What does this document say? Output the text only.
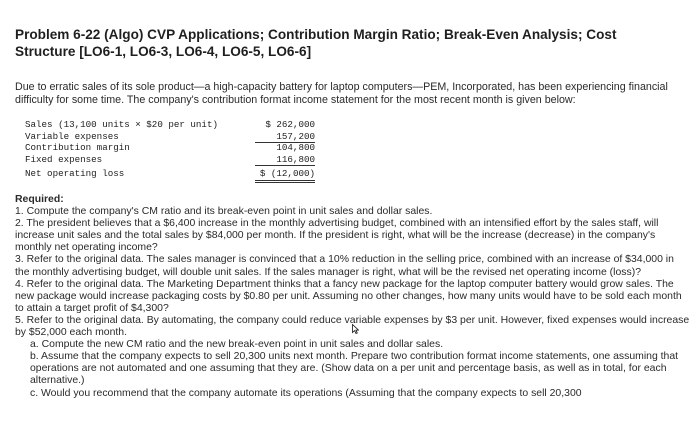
Problem 6-22 (Algo) CVP Applications; Contribution Margin Ratio; Break-Even Analysis; Cost Structure [LO6-1, LO6-3, LO6-4, LO6-5, LO6-6]
Due to erratic sales of its sole product—a high-capacity battery for laptop computers—PEM, Incorporated, has been experiencing financial difficulty for some time. The company's contribution format income statement for the most recent month is given below:
Sales (13,100 units × $20 per unit)	$ 262,000
Variable expenses	157,200
Contribution margin	104,800
Fixed expenses	116,800
Net operating loss	$ (12,000)

Required:

1. Compute the company's CM ratio and its break-even point in unit sales and dollar sales.

2. The president believes that a $6,400 increase in the monthly advertising budget, combined with an intensified effort by the sales staff, will increase unit sales and the total sales by $84,000 per month. If the president is right, what will be the increase (decrease) in the company's monthly net operating income?

3. Refer to the original data. The sales manager is convinced that a 10% reduction in the selling price, combined with an increase of $34,000 in the monthly advertising budget, will double unit sales. If the sales manager is right, what will be the revised net operating income (loss)?

4. Refer to the original data. The Marketing Department thinks that a fancy new package for the laptop computer battery would grow sales. The new package would increase packaging costs by $0.80 per unit. Assuming no other changes, how many units would have to be sold each month to attain a target profit of $4,300?

5. Refer to the original data. By automating, the company could reduce variable expenses by $3 per unit. However, fixed expenses would increase by $52,000 each month.

a. Compute the new CM ratio and the new break-even point in unit sales and dollar sales.

b. Assume that the company expects to sell 20,300 units next month. Prepare two contribution format income statements, one assuming that operations are not automated and one assuming that they are. (Show data on a per unit and percentage basis, as well as in total, for each alternative.)

c. Would you recommend that the company automate its operations (Assuming that the company expects to sell 20,300
